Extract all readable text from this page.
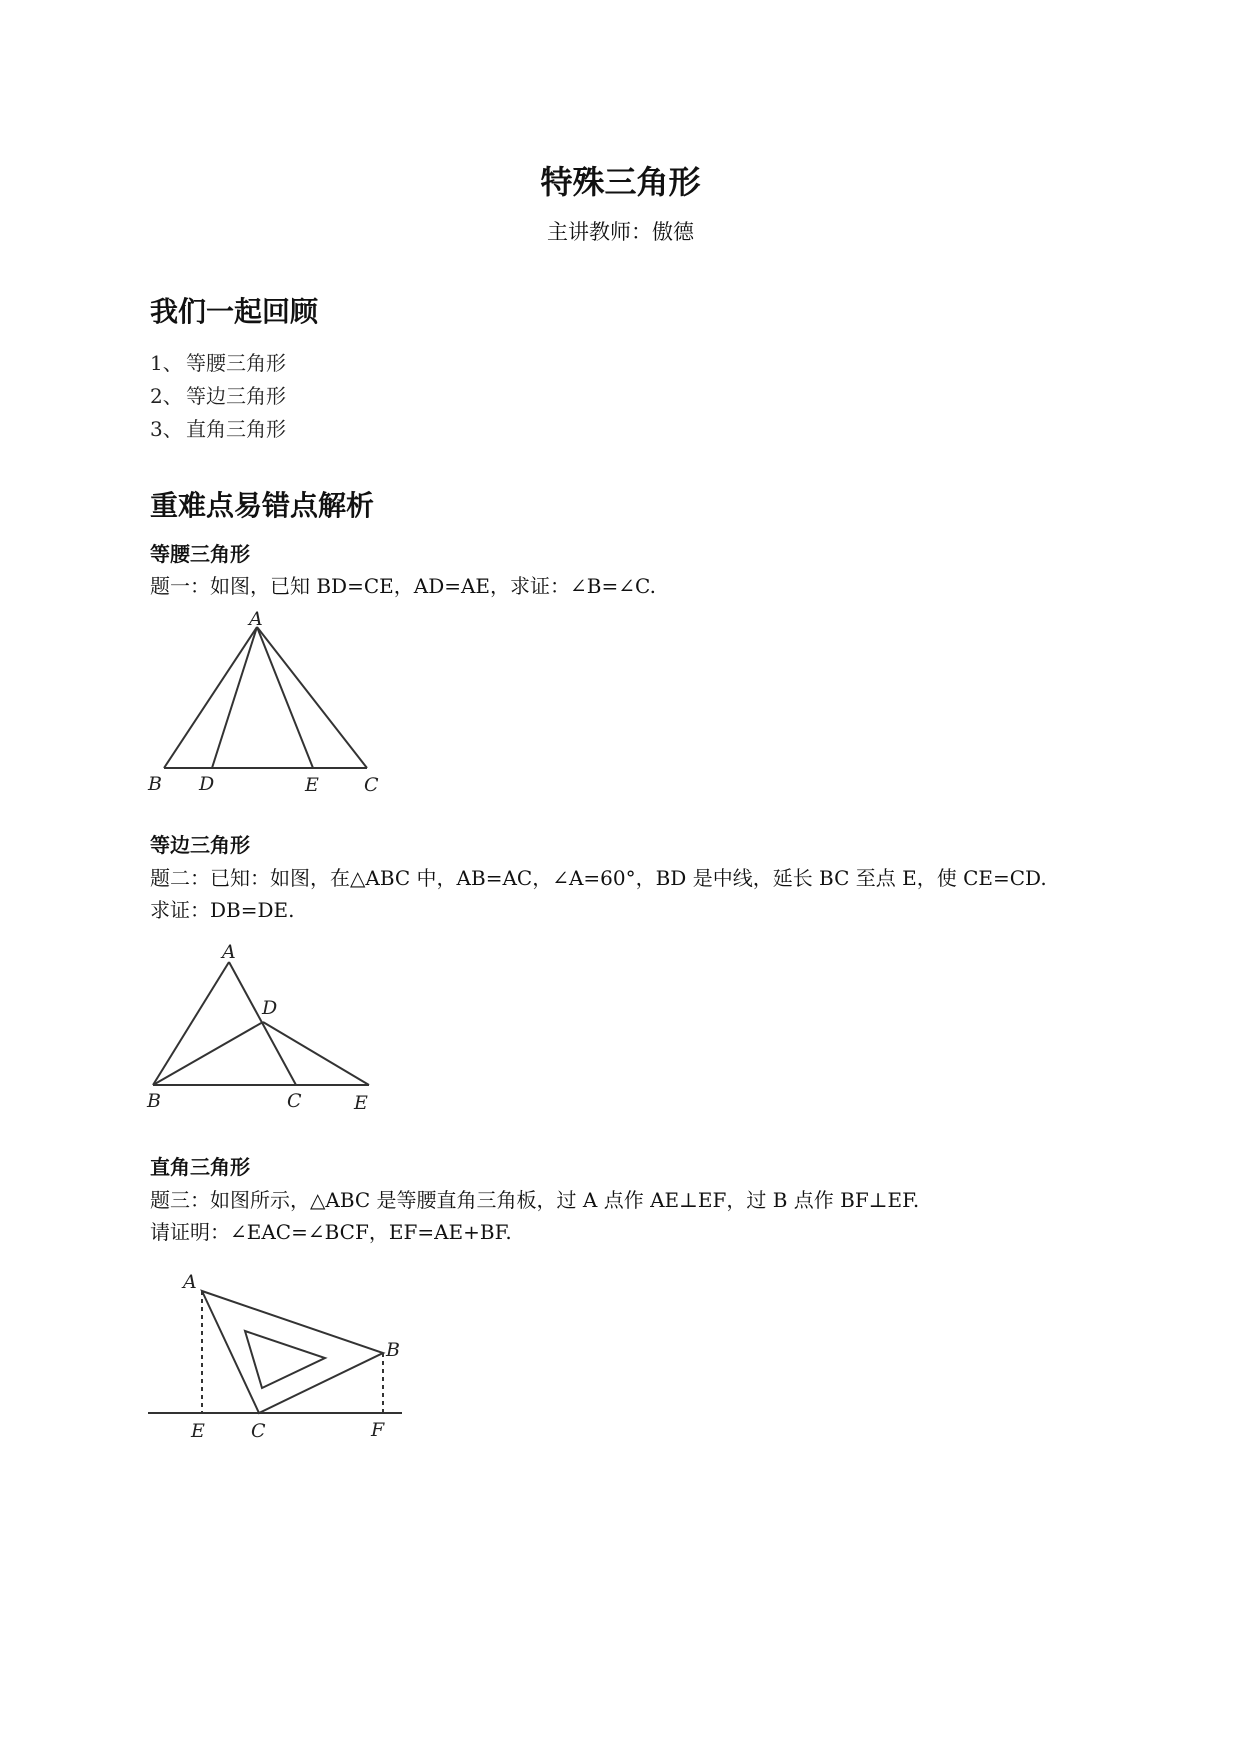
特殊三角形
主讲教师：傲德
我们一起回顾
1、 等腰三角形
2、 等边三角形
3、 直角三角形
重难点易错点解析
等腰三角形
题一：如图，已知 BD=CE，AD=AE，求证：∠B=∠C.
A
B D	E C
等边三角形
题二：已知：如图，在△ABC 中，AB=AC，∠A=60°，BD 是中线，延长 BC 至点 E，使 CE=CD.
求证：DB=DE.
A
D
B	C	E
直角三角形
题三：如图所示，△ABC 是等腰直角三角板，过 A 点作 AE⊥EF，过 B 点作 BF⊥EF.
请证明：∠EAC=∠BCF，EF=AE+BF.
A
B
E C	F
